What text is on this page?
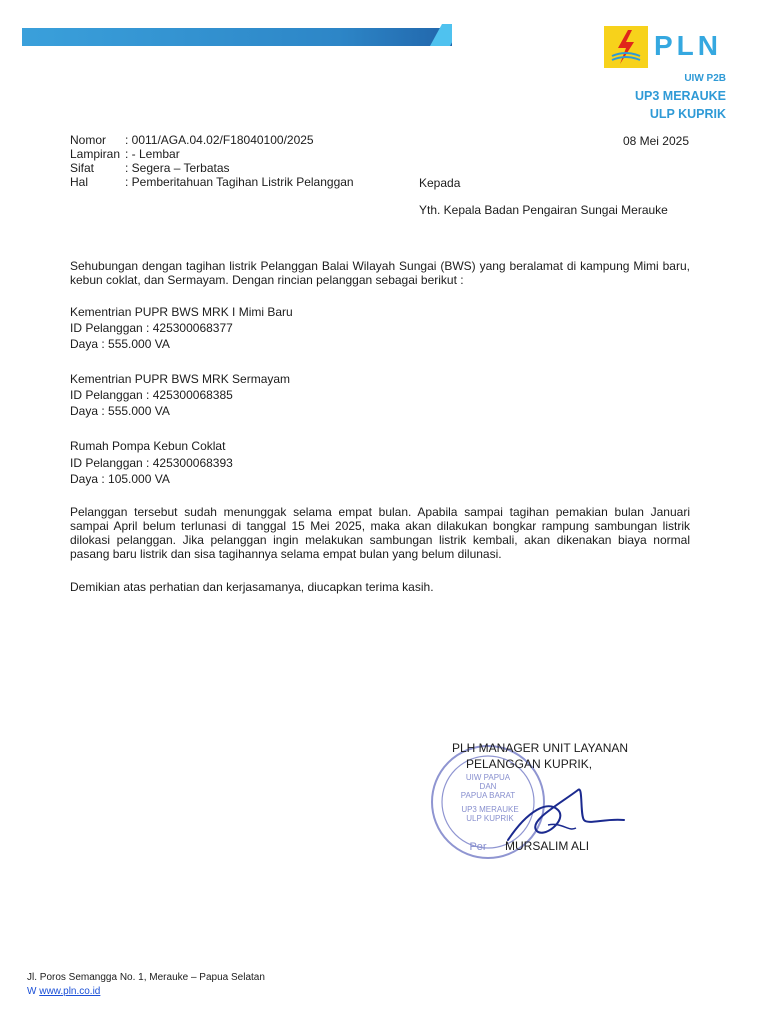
PLN
UIW P2B
UP3 MERAUKE
ULP KUPRIK
Nomor : 0011/AGA.04.02/F18040100/2025
Lampiran : - Lembar
Sifat	: Segera – Terbatas
Hal	: Pemberitahuan Tagihan Listrik Pelanggan
08 Mei 2025
Kepada
Yth. Kepala Badan Pengairan Sungai Merauke
Sehubungan dengan tagihan listrik Pelanggan Balai Wilayah Sungai (BWS) yang beralamat di kampung Mimi baru, kebun coklat, dan Sermayam. Dengan rincian pelanggan sebagai berikut :
Kementrian PUPR BWS MRK I Mimi Baru
ID Pelanggan : 425300068377
Daya : 555.000 VA
Kementrian PUPR BWS MRK Sermayam
ID Pelanggan : 425300068385
Daya : 555.000 VA
Rumah Pompa Kebun Coklat
ID Pelanggan : 425300068393
Daya : 105.000 VA
Pelanggan tersebut sudah menunggak selama empat bulan. Apabila sampai tagihan pemakian bulan Januari sampai April belum terlunasi di tanggal 15 Mei 2025, maka akan dilakukan bongkar rampung sambungan listrik dilokasi pelanggan. Jika pelanggan ingin melakukan sambungan listrik kembali, akan dikenakan biaya normal pasang baru listrik dan sisa tagihannya selama empat bulan yang belum dilunasi.
Demikian atas perhatian dan kerjasamanya, diucapkan terima kasih.
UIW PAPUA
DAN
PAPUA BARAT
UP3 MERAUKE
ULP KUPRIK
Per
PLH MANAGER UNIT LAYANAN
PELANGGAN KUPRIK,
MURSALIM ALI
Jl. Poros Semangga No. 1, Merauke – Papua Selatan
W www.pln.co.id
